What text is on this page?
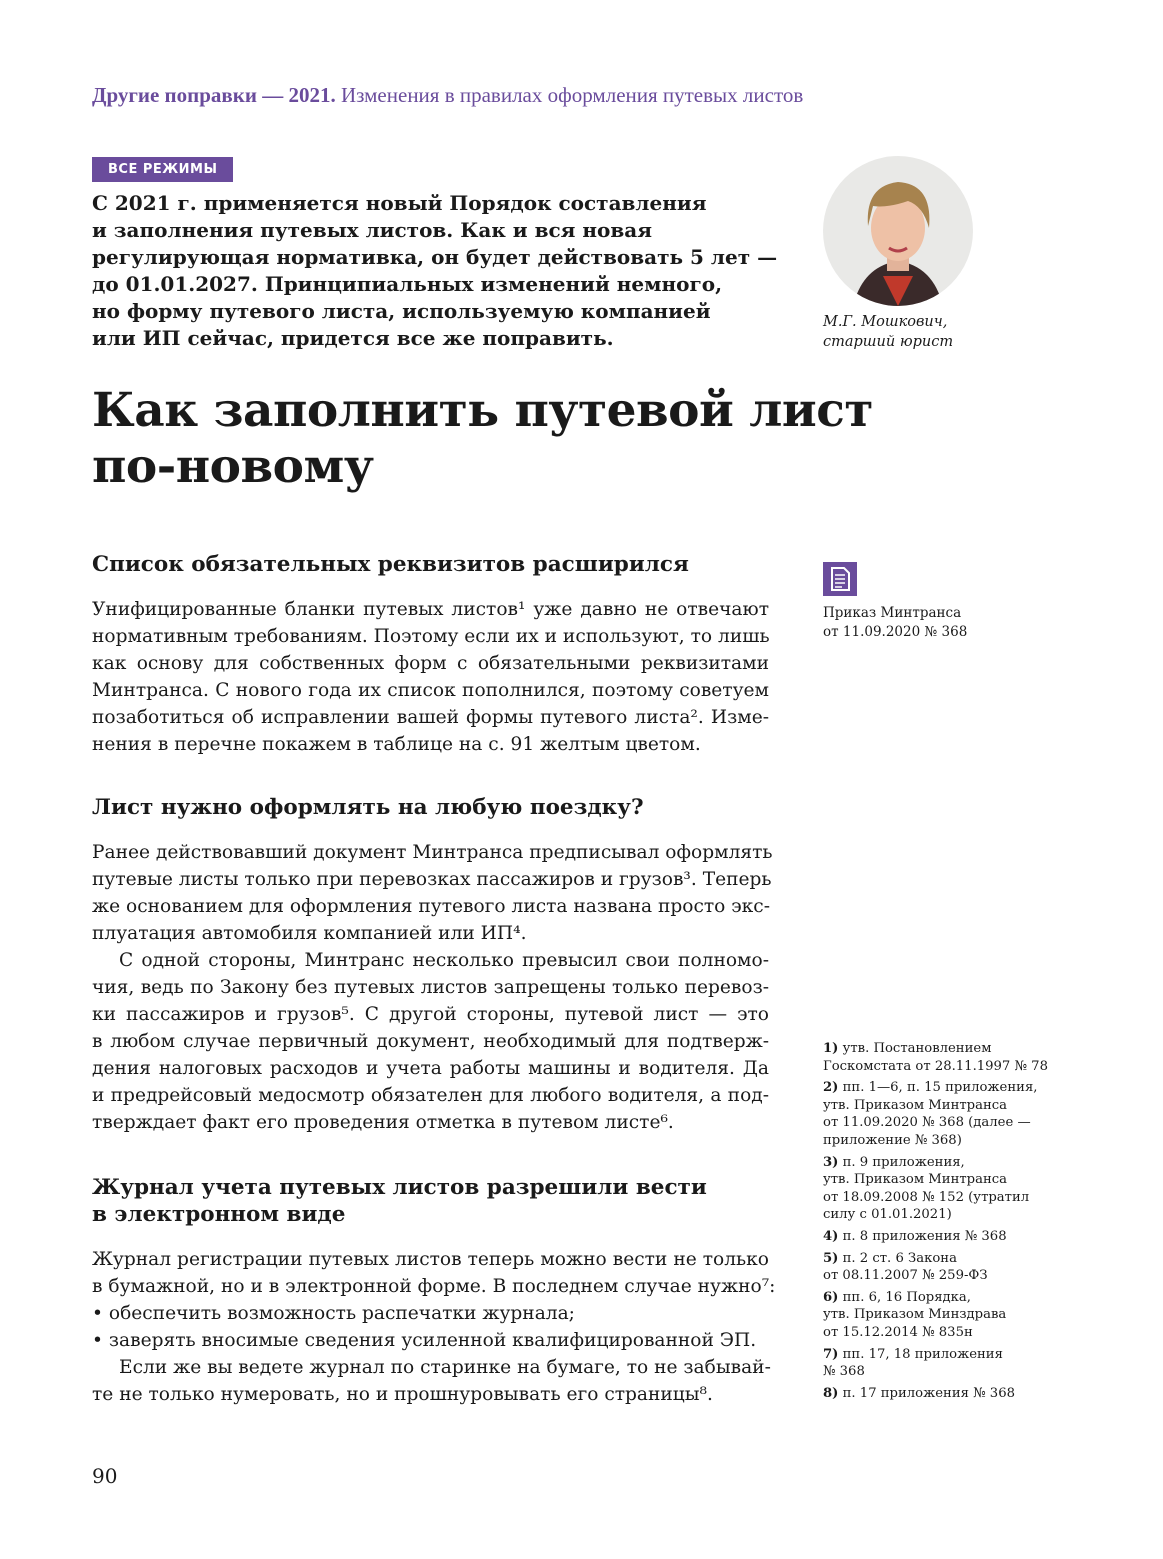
Другие поправки — 2021. Изменения в правилах оформления путевых листов
ВСЕ РЕЖИМЫ
С 2021 г. применяется новый Порядок составления
и заполнения путевых листов. Как и вся новая
регулирующая нормативка, он будет действовать 5 лет —
до 01.01.2027. Принципиальных изменений немного,
но форму путевого листа, используемую компанией
или ИП сейчас, придется все же поправить.
М.Г. Мошкович,
старший юрист
Как заполнить путевой лист
по-новому
Список обязательных реквизитов расширился
Унифицированные бланки путевых листов¹ уже давно не отвечают
нормативным требованиям. Поэтому если их и используют, то лишь
как основу для собственных форм с обязательными реквизитами
Минтранса. С нового года их список пополнился, поэтому советуем
позаботиться об исправлении вашей формы путевого листа². Изме-
нения в перечне покажем в таблице на с. 91 желтым цветом.
Лист нужно оформлять на любую поездку?
Ранее действовавший документ Минтранса предписывал оформлять
путевые листы только при перевозках пассажиров и грузов³. Теперь
же основанием для оформления путевого листа названа просто экс-
плуатация автомобиля компанией или ИП⁴.
С одной стороны, Минтранс несколько превысил свои полномо-
чия, ведь по Закону без путевых листов запрещены только перевоз-
ки пассажиров и грузов⁵. С другой стороны, путевой лист — это
в любом случае первичный документ, необходимый для подтверж-
дения налоговых расходов и учета работы машины и водителя. Да
и предрейсовый медосмотр обязателен для любого водителя, а под-
тверждает факт его проведения отметка в путевом листе⁶.
Журнал учета путевых листов разрешили вести
в электронном виде
Журнал регистрации путевых листов теперь можно вести не только
в бумажной, но и в электронной форме. В последнем случае нужно⁷:
• обеспечить возможность распечатки журнала;
• заверять вносимые сведения усиленной квалифицированной ЭП.
Если же вы ведете журнал по старинке на бумаге, то не забывай-
те не только нумеровать, но и прошнуровывать его страницы⁸.
Приказ Минтранса
от 11.09.2020 № 368
1) утв. Постановлением
Госкомстата от 28.11.1997 № 78
2) пп. 1—6, п. 15 приложения,
утв. Приказом Минтранса
от 11.09.2020 № 368 (далее —
приложение № 368)
3) п. 9 приложения,
утв. Приказом Минтранса
от 18.09.2008 № 152 (утратил
силу с 01.01.2021)
4) п. 8 приложения № 368
5) п. 2 ст. 6 Закона
от 08.11.2007 № 259-ФЗ
6) пп. 6, 16 Порядка,
утв. Приказом Минздрава
от 15.12.2014 № 835н
7) пп. 17, 18 приложения
№ 368
8) п. 17 приложения № 368
90
